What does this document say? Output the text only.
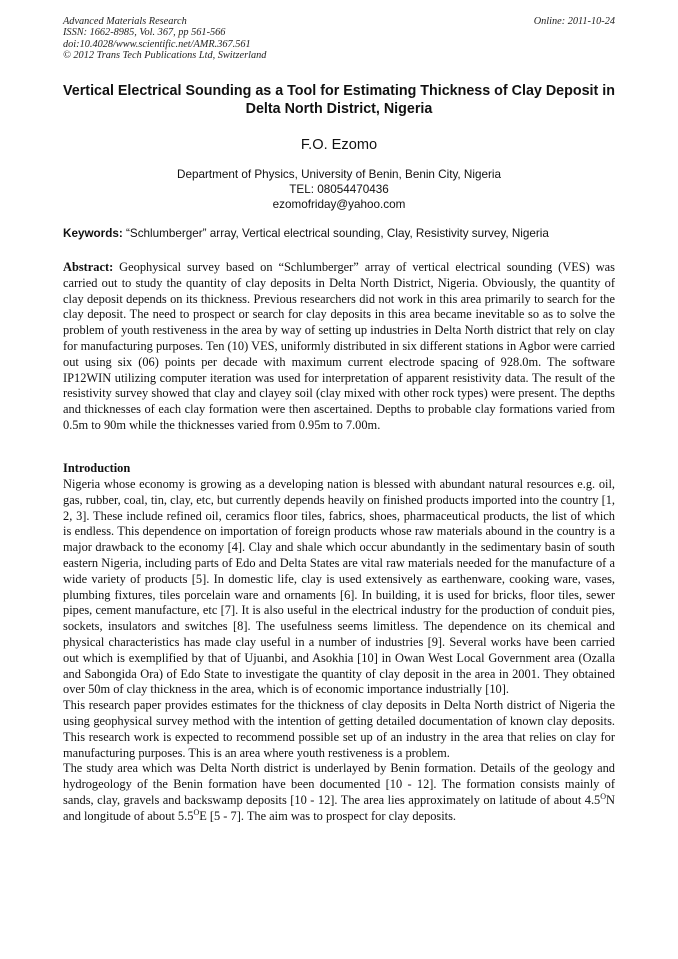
Advanced Materials Research
ISSN: 1662-8985, Vol. 367, pp 561-566
doi:10.4028/www.scientific.net/AMR.367.561
© 2012 Trans Tech Publications Ltd, Switzerland
Online: 2011-10-24
Vertical Electrical Sounding as a Tool for Estimating Thickness of Clay Deposit in Delta North District, Nigeria
F.O. Ezomo
Department of Physics, University of Benin, Benin City, Nigeria
TEL: 08054470436
ezomofriday@yahoo.com
Keywords: “Schlumberger” array, Vertical electrical sounding, Clay, Resistivity survey, Nigeria
Abstract: Geophysical survey based on “Schlumberger” array of vertical electrical sounding (VES) was carried out to study the quantity of clay deposits in Delta North District, Nigeria. Obviously, the quantity of clay deposit depends on its thickness. Previous researchers did not work in this area primarily to search for the clay deposit. The need to prospect or search for clay deposits in this area became inevitable so as to solve the problem of youth restiveness in the area by way of setting up industries in Delta North district that rely on clay for manufacturing purposes. Ten (10) VES, uniformly distributed in six different stations in Agbor were carried out using six (06) points per decade with maximum current electrode spacing of 928.0m. The software IP12WIN utilizing computer iteration was used for interpretation of apparent resistivity data. The result of the resistivity survey showed that clay and clayey soil (clay mixed with other rock types) were present. The depths and thicknesses of each clay formation were then ascertained. Depths to probable clay formations varied from 0.5m to 90m while the thicknesses varied from 0.95m to 7.00m.
Introduction

Nigeria whose economy is growing as a developing nation is blessed with abundant natural resources e.g. oil, gas, rubber, coal, tin, clay, etc, but currently depends heavily on finished products imported into the country [1, 2, 3]. These include refined oil, ceramics floor tiles, fabrics, shoes, pharmaceutical products, the list of which is endless. This dependence on importation of foreign products whose raw materials abound in the country is a major drawback to the economy [4]. Clay and shale which occur abundantly in the sedimentary basin of south eastern Nigeria, including parts of Edo and Delta States are vital raw materials needed for the manufacture of a wide variety of products [5]. In domestic life, clay is used extensively as earthenware, cooking ware, vases, plumbing fixtures, tiles porcelain ware and ornaments [6]. In building, it is used for bricks, floor tiles, sewer pipes, cement manufacture, etc [7]. It is also useful in the electrical industry for the production of conduit pies, sockets, insulators and switches [8]. The usefulness seems limitless. The dependence on its chemical and physical characteristics has made clay useful in a number of industries [9]. Several works have been carried out which is exemplified by that of Ujuanbi, and Asokhia [10] in Owan West Local Government area (Ozalla and Sabongida Ora) of Edo State to investigate the quantity of clay deposit in the area in 2001. They obtained over 50m of clay thickness in the area, which is of economic importance industrially [10].

This research paper provides estimates for the thickness of clay deposits in Delta North district of Nigeria the using geophysical survey method with the intention of getting detailed documentation of known clay deposits. This research work is expected to recommend possible set up of an industry in the area that relies on clay for manufacturing purposes. This is an area where youth restiveness is a problem.

The study area which was Delta North district is underlayed by Benin formation. Details of the geology and hydrogeology of the Benin formation have been documented [10 - 12]. The formation consists mainly of sands, clay, gravels and backswamp deposits [10 - 12]. The area lies approximately on latitude of about $4.5^ON$ and longitude of about $5.5^OE$ [5 - 7]. The aim was to prospect for clay deposits.
